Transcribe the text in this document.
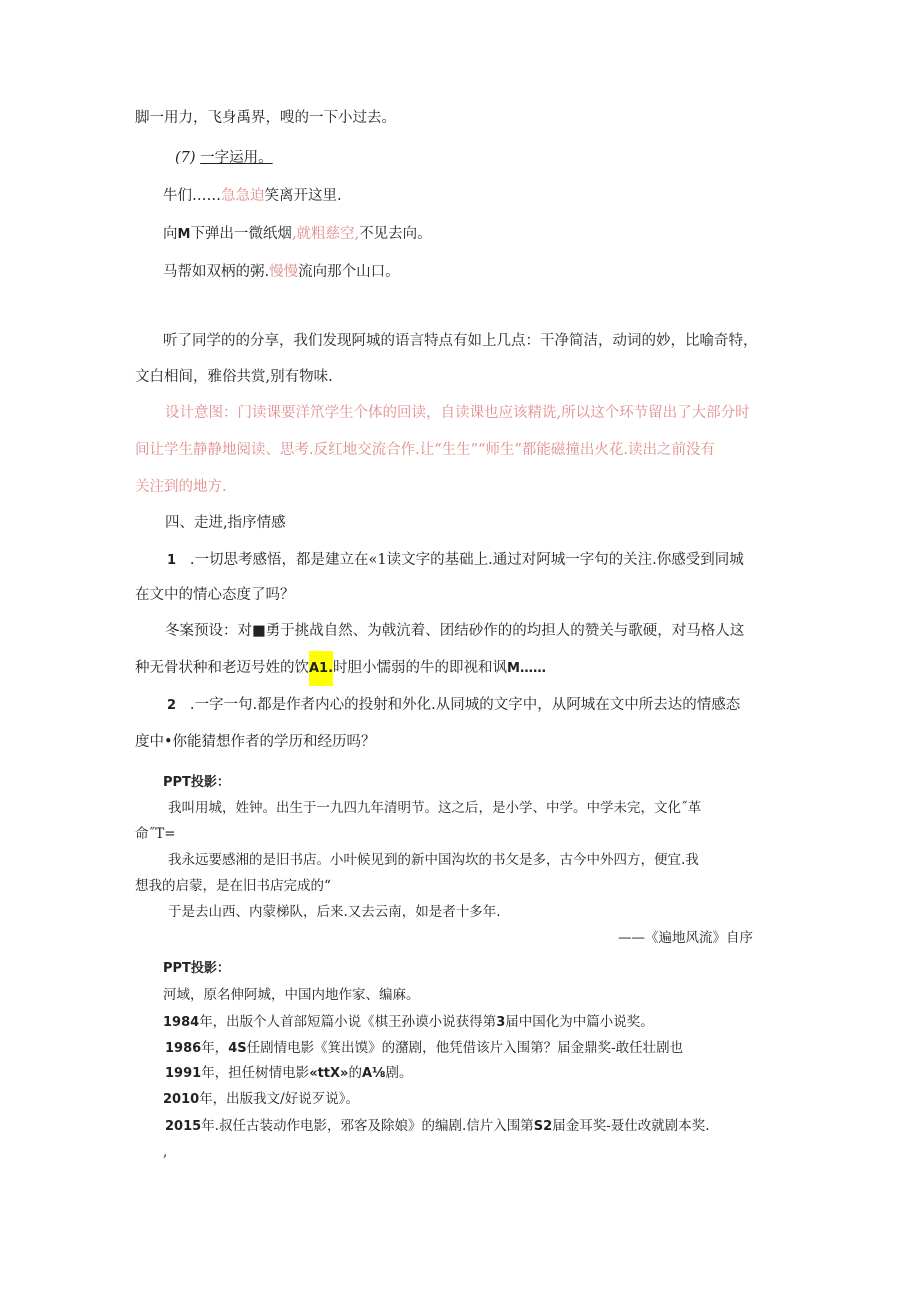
脚一用力，飞身禹界，嗖的一下小过去。
(7) 一字运用。
牛们……急急迫笑离开这里.
向M下弹出一微纸烟,就粗慈空,不见去向。
马帮如双柄的粥.慢慢流向那个山口。
听了同学的的分享，我们发现阿城的语言特点有如上几点：干净简洁，动词的妙，比喻奇特，
文白相间，雅俗共赏,别有物味.
设计意图：门读课要洋笊学生个体的回读，自读课也应该精诜,所以这个环节留出了大部分时
间让学生静静地阅读、思考.反红地交流合作.让“生生”“师生”都能磁撞出火花.读出之前没有
关注到的地方.
四、走进,指序情感
1 .一切思考感悟，都是建立在«1读文字的基础上.通过对阿城一字句的关注.你感受到同城
在文中的情心态度了吗？
冬案预设：对■勇于挑战自然、为戟沆着、团结砂作的的均担人的赞关与歌硬，对马格人这
种无骨状种和老迈号姓的饮A1.时胆小懦弱的牛的即视和讽M……
2 .一字一句.都是作者内心的投射和外化.从同城的文字中，从阿城在文中所去达的情感态
度中•你能猜想作者的学历和经历吗？
PPT投影：
我叫用城，姓钟。出生于一九四九年清明节。这之后，是小学、中学。中学未完，文化˝革
命˝T=
我永远要感湘的是旧书店。小叶候见到的新中国沟坎的书攵是多，古今中外四方，便宜.我
想我的启蒙，是在旧书店完成的“
于是去山西、内蒙梯队，后来.又去云南，如是者十多年.
——《遍地风流》自序
PPT投影：
河域，原名伸阿城，中国内地作家、编麻。
1984年，出版个人首部短篇小说《棋王孙谟小说获得第3届中国化为中篇小说奖。
1986年，4S任剧情电影《箕出馍》的潴剧，他凭借该片入围第？届金鼎奖-敢任壮剧也
1991年，担任树情电影«ttX»的A⅛剧。
2010年，出版我文/好说歹说》。
2015年.叔任古装动作电影，邪客及除娘》的编剧.信片入围第S2届金耳奖-聂仕改就剧本奖.
,
